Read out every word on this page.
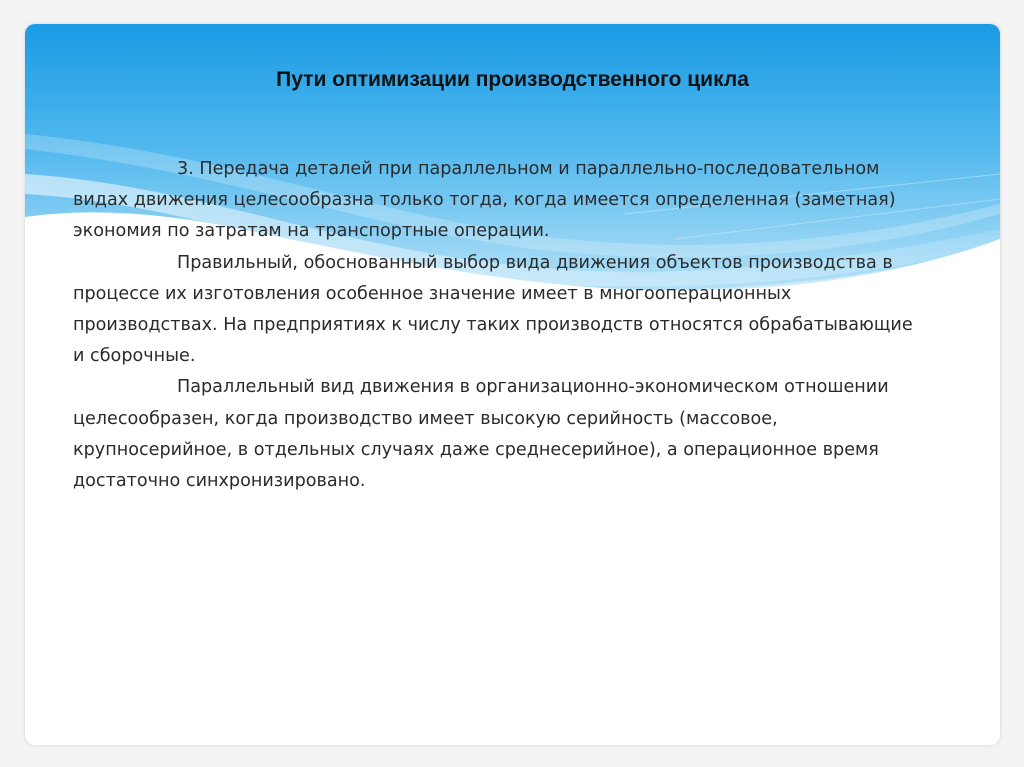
Пути оптимизации производственного цикла

3. Передача деталей при параллельном и параллельно-последовательном видах движения целесообразна только тогда, когда имеется определенная (заметная) экономия по затратам на транспортные операции.

Правильный, обоснованный выбор вида движения объектов производства в процессе их изготовления особенное значение имеет в многооперационных производствах. На предприятиях к числу таких производств относятся обрабатывающие и сборочные.

Параллельный вид движения в организационно-экономическом отношении целесообразен, когда производство имеет высокую серийность (массовое, крупносерийное, в отдельных случаях даже среднесерийное), а операционное время достаточно синхронизировано.
